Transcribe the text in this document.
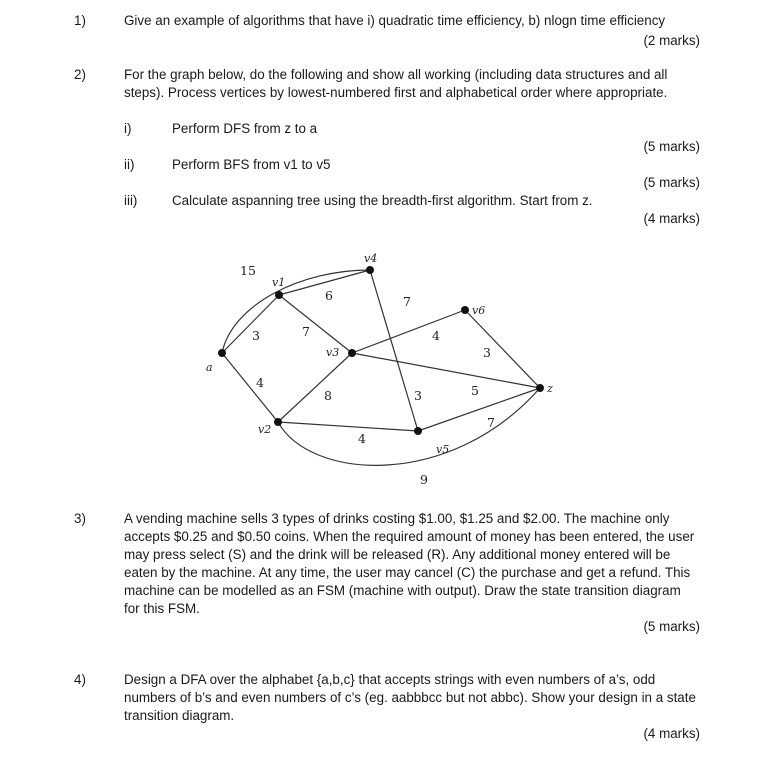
1)	Give an example of algorithms that have i) quadratic time efficiency, b) nlogn time efficiency
(2 marks)
2)	For the graph below, do the following and show all working (including data structures and all
steps). Process vertices by lowest-numbered first and alphabetical order where appropriate.
i)	Perform DFS from z to a
(5 marks)
ii)	Perform BFS from v1 to v5
(5 marks)
iii)	Calculate aspanning tree using the breadth-first algorithm. Start from z.
(4 marks)
a
v1
v4
v6
v3
z
v2
v5
15
6
3	7
7
4
3
4
8	3	5
4
7
9
3)	A vending machine sells 3 types of drinks costing $1.00, $1.25 and $2.00. The machine only
accepts $0.25 and $0.50 coins. When the required amount of money has been entered, the user
may press select (S) and the drink will be released (R). Any additional money entered will be
eaten by the machine. At any time, the user may cancel (C) the purchase and get a refund. This
machine can be modelled as an FSM (machine with output). Draw the state transition diagram
for this FSM.
(5 marks)
4)	Design a DFA over the alphabet {a,b,c} that accepts strings with even numbers of a’s, odd
numbers of b’s and even numbers of c’s (eg. aabbbcc but not abbc). Show your design in a state
transition diagram.
(4 marks)
